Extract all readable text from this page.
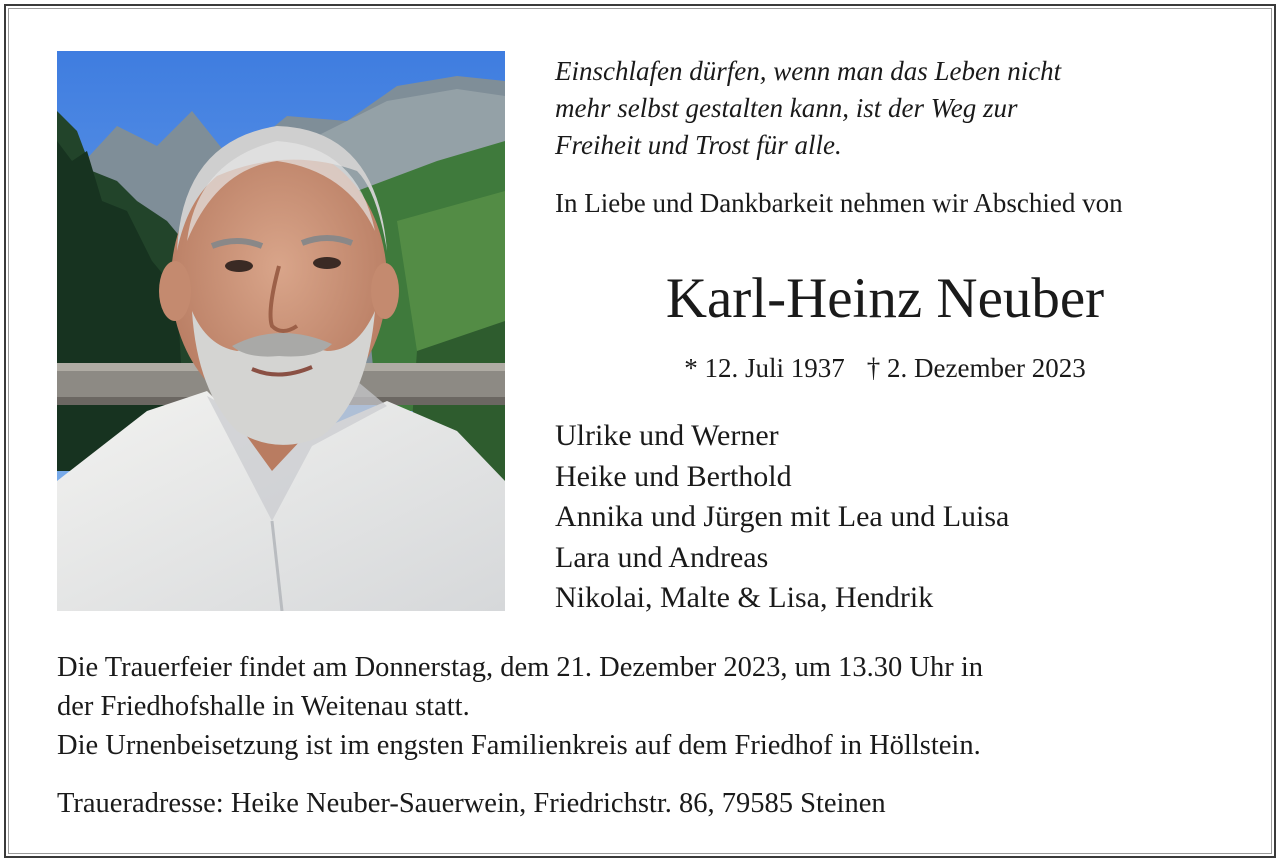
Einschlafen dürfen, wenn man das Leben nicht
mehr selbst gestalten kann, ist der Weg zur
Freiheit und Trost für alle.
In Liebe und Dankbarkeit nehmen wir Abschied von
Karl-Heinz Neuber
* 12. Juli 1937 † 2. Dezember 2023
Ulrike und Werner
Heike und Berthold
Annika und Jürgen mit Lea und Luisa
Lara und Andreas
Nikolai, Malte & Lisa, Hendrik
Die Trauerfeier findet am Donnerstag, dem 21. Dezember 2023, um 13.30 Uhr in
der Friedhofshalle in Weitenau statt.
Die Urnenbeisetzung ist im engsten Familienkreis auf dem Friedhof in Höllstein.
Traueradresse: Heike Neuber-Sauerwein, Friedrichstr. 86, 79585 Steinen
